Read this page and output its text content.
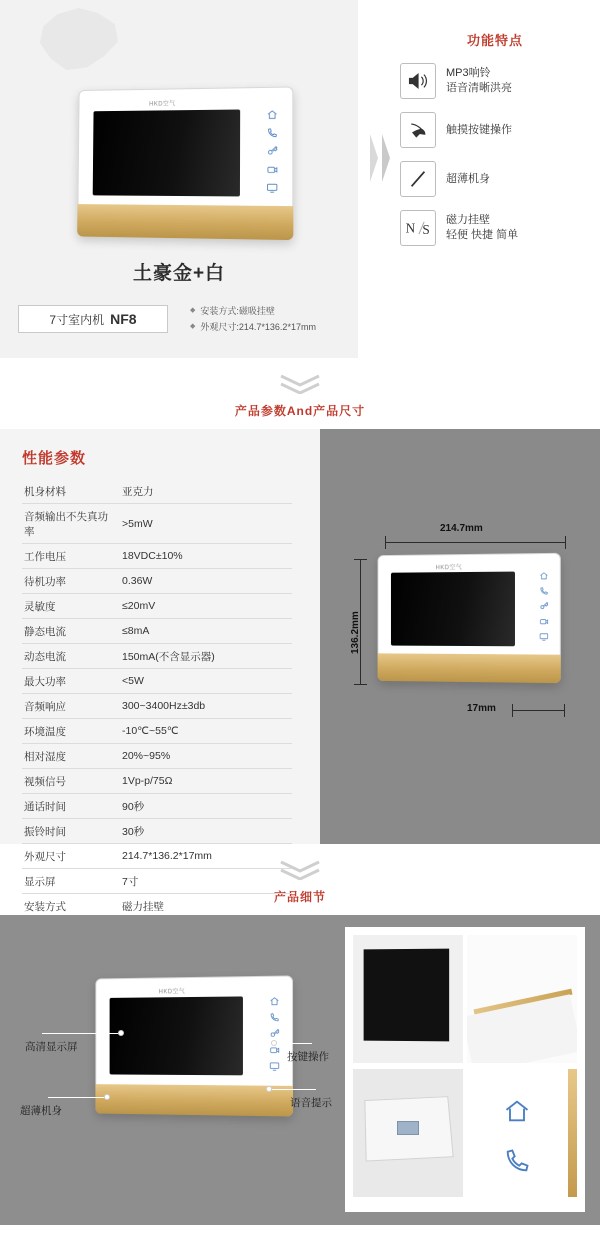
HKD空气
土豪金+白
7寸室内机 NF8	◆ 安装方式:磁吸挂壁
◆ 外观尺寸:214.7*136.2*17mm
功能特点
MP3响铃
语音清晰洪亮
触摸按键操作
超薄机身
N S
磁力挂壁
轻便 快捷 简单
产品参数And产品尺寸
性能参数
机身材料	亚克力
音频输出不失真功率	>5mW
工作电压	18VDC±10%
待机功率	0.36W
灵敏度	≤20mV
静态电流	≤8mA
动态电流	150mA(不含显示器)
最大功率	<5W
音频响应	300~3400Hz±3db
环境温度	-10℃~55℃
相对湿度	20%~95%
视频信号	1Vp-p/75Ω
通话时间	90秒
振铃时间	30秒
外观尺寸	214.7*136.2*17mm
显示屏	7寸
安装方式	磁力挂壁
HKD空气
214.7mm
136.2mm
17mm
产品细节
HKD空气
高清显示屏
超薄机身
按键操作
语音提示
